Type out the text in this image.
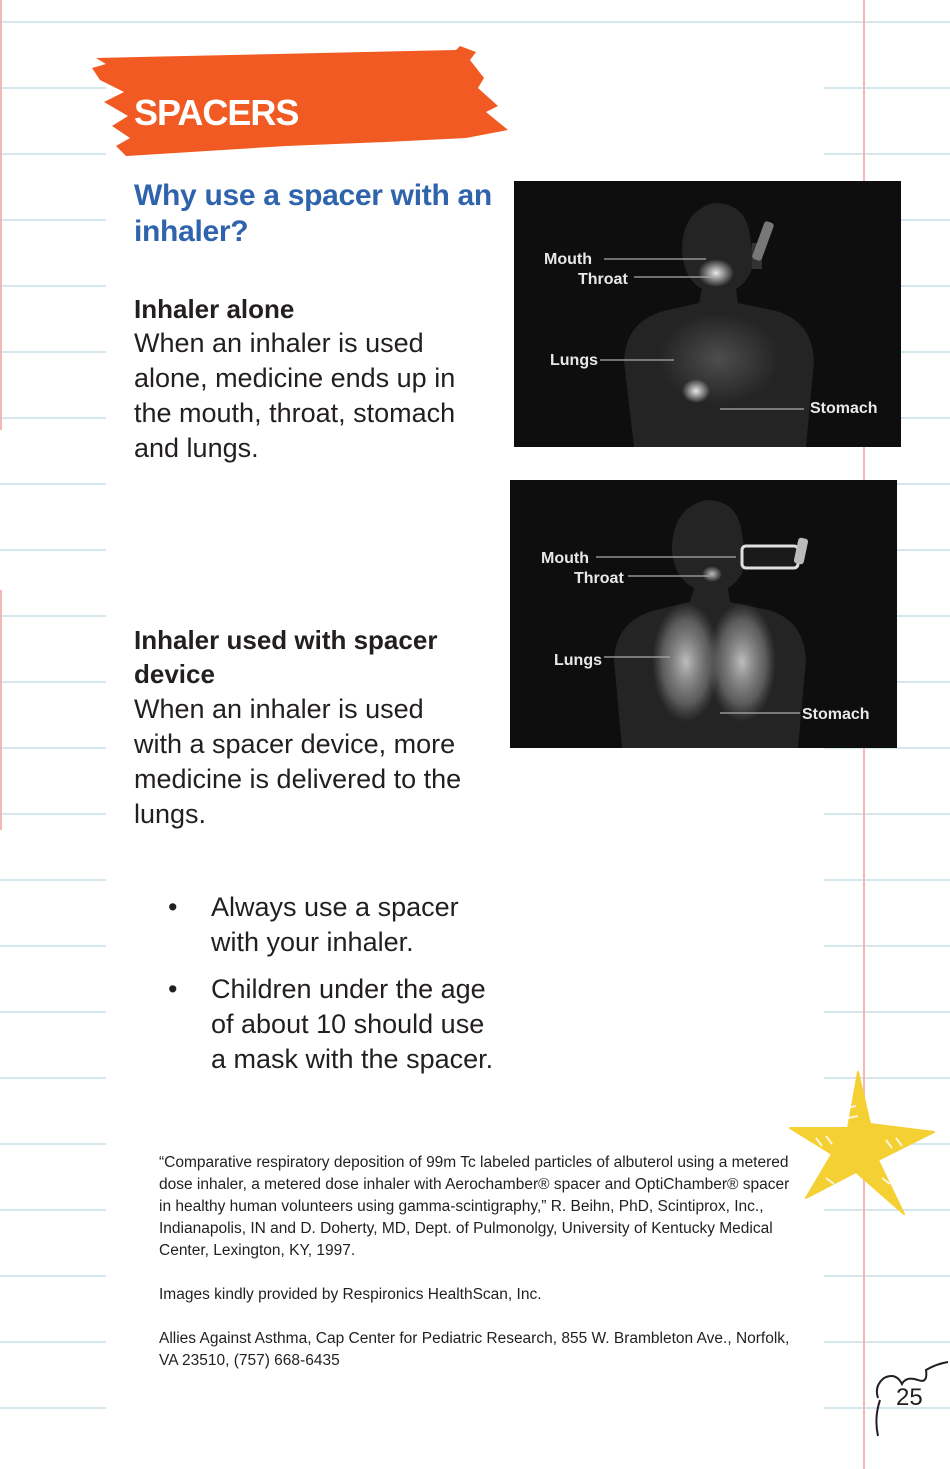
SPACERS
Why use a spacer with an inhaler?
Inhaler alone

When an inhaler is used alone, medicine ends up in the mouth, throat, stomach and lungs.

Inhaler used with spacer device

When an inhaler is used with a spacer device, more medicine is delivered to the lungs.

• Always use a spacer with your inhaler.
• Children under the age of about 10 should use a mask with the spacer.
Mouth
Throat
Lungs
Stomach
Mouth
Throat
Lungs
Stomach

“Comparative respiratory deposition of 99m Tc labeled particles of albuterol using a metered dose inhaler, a metered dose inhaler with Aerochamber® spacer and OptiChamber® spacer in healthy human volunteers using gamma-scintigraphy,” R. Beihn, PhD, Scintiprox, Inc., Indianapolis, IN and D. Doherty, MD, Dept. of Pulmonolgy, University of Kentucky Medical Center, Lexington, KY, 1997.

Images kindly provided by Respironics HealthScan, Inc.

Allies Against Asthma, Cap Center for Pediatric Research, 855 W. Brambleton Ave., Norfolk, VA 23510, (757) 668-6435

25
